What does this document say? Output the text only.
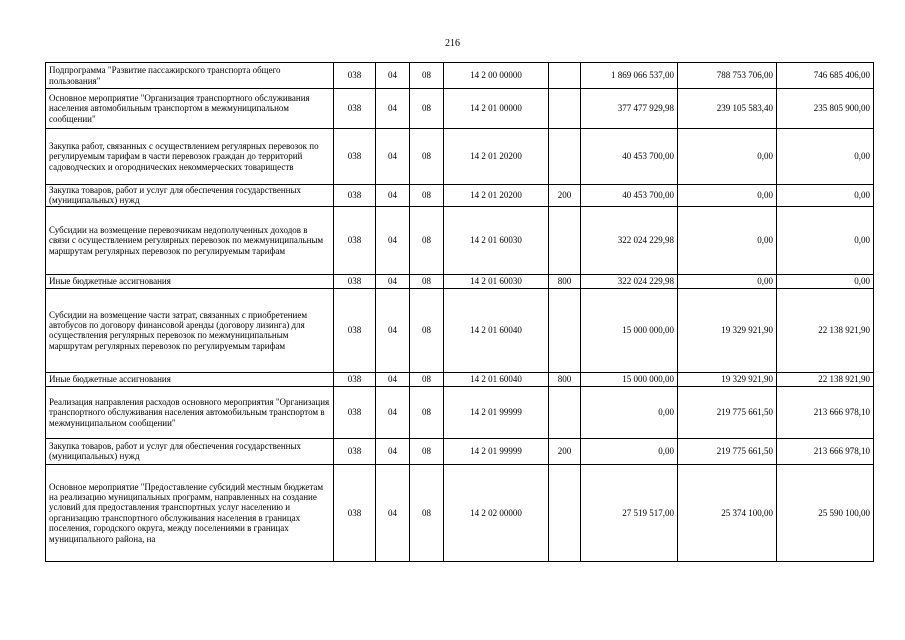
216
Подпрограмма "Развитие пассажирского транспорта общего пользования"	038	04	08	14 2 00 00000		1 869 066 537,00	788 753 706,00	746 685 406,00
Основное мероприятие "Организация транспортного обслуживания населения автомобильным транспортом в межмуниципальном сообщении"	038	04	08	14 2 01 00000		377 477 929,98	239 105 583,40	235 805 900,00
Закупка работ, связанных с осуществлением регулярных перевозок по регулируемым тарифам в части перевозок граждан до территорий садоводческих и огороднических некоммерческих товариществ	038	04	08	14 2 01 20200		40 453 700,00	0,00	0,00
Закупка товаров, работ и услуг для обеспечения государственных (муниципальных) нужд	038	04	08	14 2 01 20200	200	40 453 700,00	0,00	0,00
Субсидии на возмещение перевозчикам недополученных доходов в связи с осуществлением регулярных перевозок по межмуниципальным маршрутам регулярных перевозок по регулируемым тарифам	038	04	08	14 2 01 60030		322 024 229,98	0,00	0,00
Иные бюджетные ассигнования	038	04	08	14 2 01 60030	800	322 024 229,98	0,00	0,00
Субсидии на возмещение части затрат, связанных с приобретением автобусов по договору финансовой аренды (договору лизинга) для осуществления регулярных перевозок по межмуниципальным маршрутам регулярных перевозок по регулируемым тарифам	038	04	08	14 2 01 60040		15 000 000,00	19 329 921,90	22 138 921,90
Иные бюджетные ассигнования	038	04	08	14 2 01 60040	800	15 000 000,00	19 329 921,90	22 138 921,90
Реализация направления расходов основного мероприятия "Организация транспортного обслуживания населения автомобильным транспортом в межмуниципальном сообщении"	038	04	08	14 2 01 99999		0,00	219 775 661,50	213 666 978,10
Закупка товаров, работ и услуг для обеспечения государственных (муниципальных) нужд	038	04	08	14 2 01 99999	200	0,00	219 775 661,50	213 666 978,10
Основное мероприятие "Предоставление субсидий местным бюджетам на реализацию муниципальных программ, направленных на создание условий для предоставления транспортных услуг населению и организацию транспортного обслуживания населения в границах поселения, городского округа, между поселениями в границах муниципального района, на	038	04	08	14 2 02 00000		27 519 517,00	25 374 100,00	25 590 100,00
